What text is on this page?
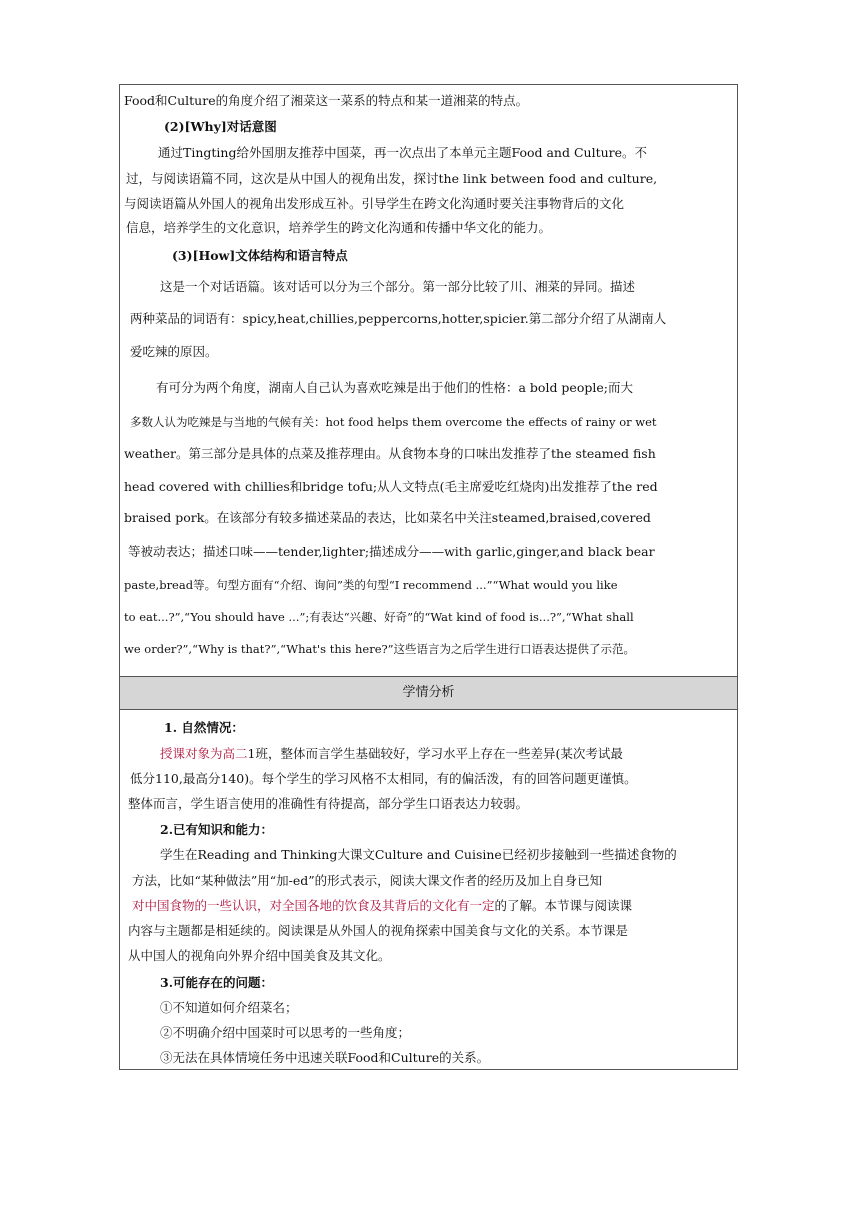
Food和Culture的角度介绍了湘菜这一菜系的特点和某一道湘菜的特点。
(2)[Why]对话意图
通过Tingting给外国朋友推荐中国菜，再一次点出了本单元主题Food and Culture。不
过，与阅读语篇不同，这次是从中国人的视角出发，探讨the link between food and culture,
与阅读语篇从外国人的视角出发形成互补。引导学生在跨文化沟通时要关注事物背后的文化
信息，培养学生的文化意识，培养学生的跨文化沟通和传播中华文化的能力。
(3)[How]文体结构和语言特点
这是一个对话语篇。该对话可以分为三个部分。第一部分比较了川、湘菜的异同。描述
两种菜品的词语有：spicy,heat,chillies,peppercorns,hotter,spicier.第二部分介绍了从湖南人
爱吃辣的原因。
有可分为两个角度，湖南人自己认为喜欢吃辣是出于他们的性格：a bold people;而大
多数人认为吃辣是与当地的气候有关：hot food helps them overcome the effects of rainy or wet
weather。第三部分是具体的点菜及推荐理由。从食物本身的口味出发推荐了the steamed fish
head covered with chillies和bridge tofu;从人文特点(毛主席爱吃红烧肉)出发推荐了the red
braised pork。在该部分有较多描述菜品的表达，比如菜名中关注steamed,braised,covered
等被动表达；描述口味——tender,lighter;描述成分——with garlic,ginger,and black bear
paste,bread等。句型方面有“介绍、询问”类的句型“I recommend ...”“What would you like
to eat...?”,“You should have ...”;有表达“兴趣、好奇”的“Wat kind of food is...?”,“What shall
we order?”,“Why is that?”,“What's this here?”这些语言为之后学生进行口语表达提供了示范。
学情分析
1. 自然情况：
授课对象为高二1班，整体而言学生基础较好，学习水平上存在一些差异(某次考试最
低分110,最高分140)。每个学生的学习风格不太相同，有的偏活泼，有的回答问题更谨慎。
整体而言，学生语言使用的准确性有待提高，部分学生口语表达力较弱。
2.已有知识和能力：
学生在Reading and Thinking大课文Culture and Cuisine已经初步接触到一些描述食物的
方法，比如“某种做法”用“加-ed”的形式表示，阅读大课文作者的经历及加上自身已知
对中国食物的一些认识，对全国各地的饮食及其背后的文化有一定的了解。本节课与阅读课
内容与主题都是相延续的。阅读课是从外国人的视角探索中国美食与文化的关系。本节课是
从中国人的视角向外界介绍中国美食及其文化。
3.可能存在的问题：
①不知道如何介绍菜名；
②不明确介绍中国菜时可以思考的一些角度；
③无法在具体情境任务中迅速关联Food和Culture的关系。
